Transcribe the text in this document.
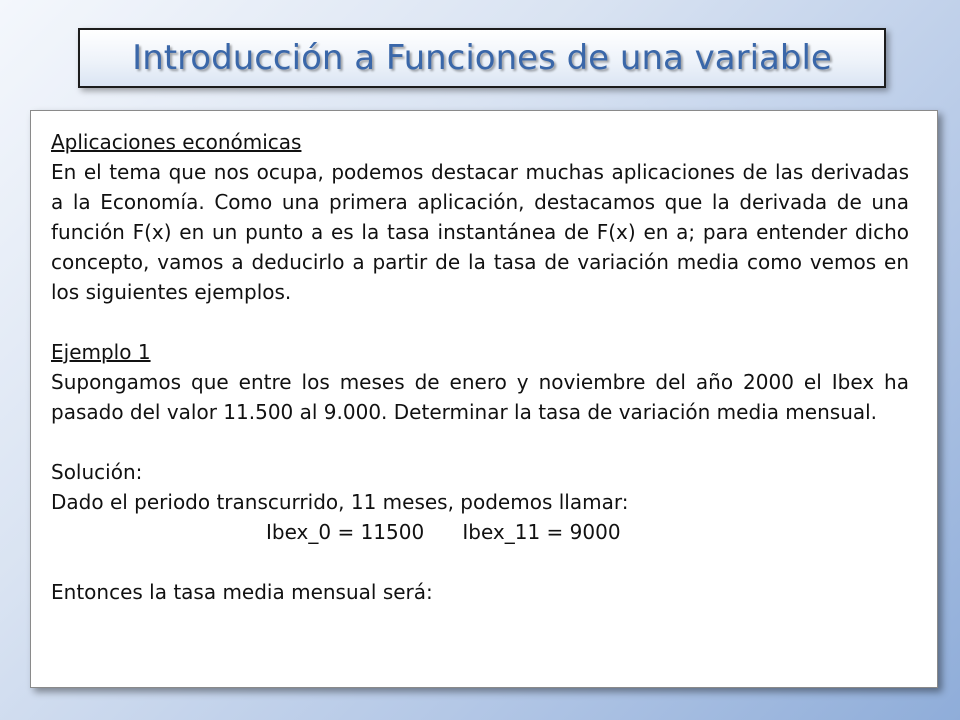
Introducción a Funciones de una variable

Aplicaciones económicas

En el tema que nos ocupa, podemos destacar muchas aplicaciones de las derivadas a la Economía. Como una primera aplicación, destacamos que la derivada de una función F(x) en un punto a es la tasa instantánea de F(x) en a; para entender dicho concepto, vamos a deducirlo a partir de la tasa de variación media como vemos en los siguientes ejemplos.

Ejemplo 1

Supongamos que entre los meses de enero y noviembre del año 2000 el Ibex ha pasado del valor 11.500 al 9.000. Determinar la tasa de variación media mensual.

Solución:

Dado el periodo transcurrido, 11 meses, podemos llamar:

Ibex_0 = 11500      Ibex_11 = 9000

Entonces la tasa media mensual será:
